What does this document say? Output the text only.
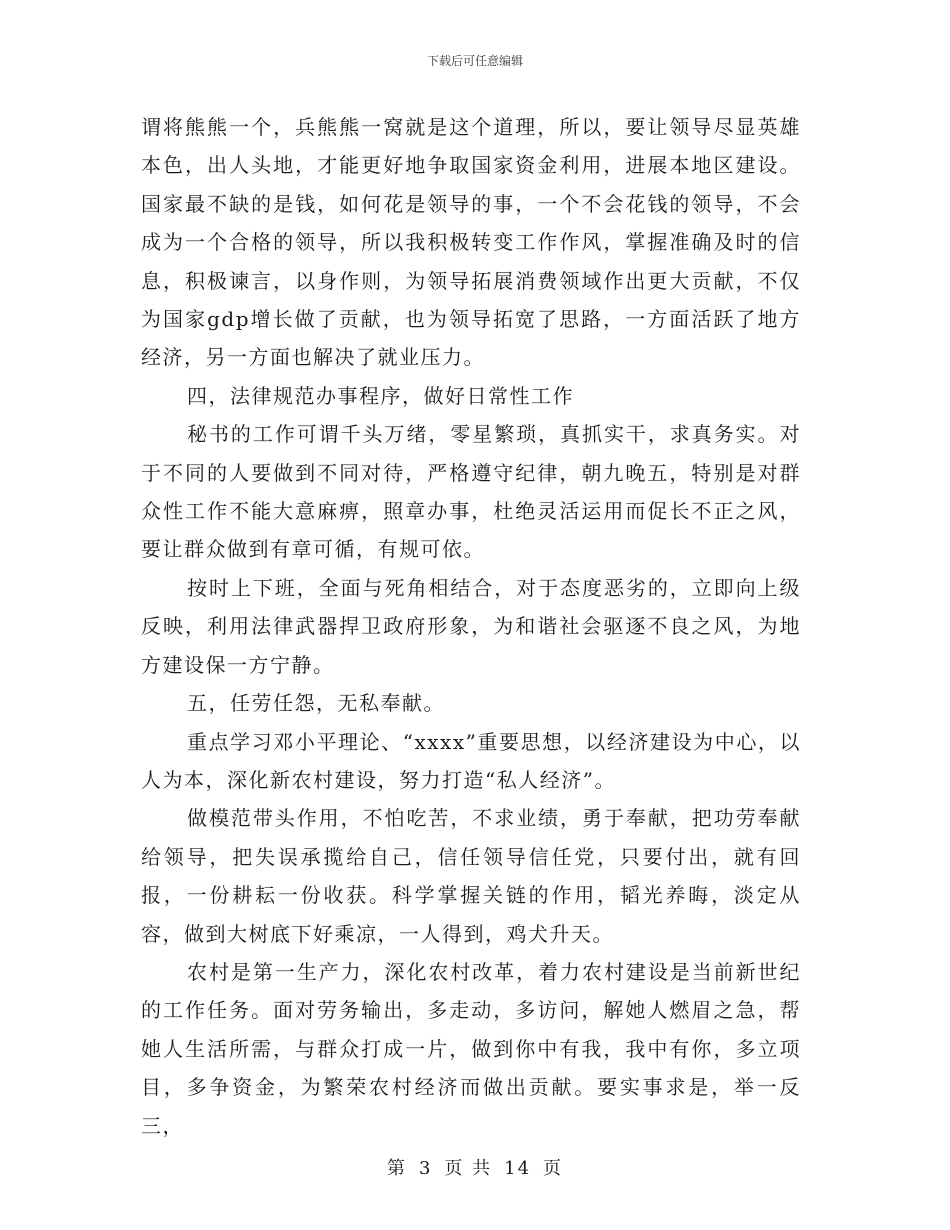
下载后可任意编辑

谓将熊熊一个，兵熊熊一窝就是这个道理，所以，要让领导尽显英雄本色，出人头地，才能更好地争取国家资金利用，进展本地区建设。国家最不缺的是钱，如何花是领导的事，一个不会花钱的领导，不会成为一个合格的领导，所以我积极转变工作作风，掌握准确及时的信息，积极谏言，以身作则，为领导拓展消费领域作出更大贡献，不仅为国家gdp增长做了贡献，也为领导拓宽了思路，一方面活跃了地方经济，另一方面也解决了就业压力。

四，法律规范办事程序，做好日常性工作

秘书的工作可谓千头万绪，零星繁琐，真抓实干，求真务实。对于不同的人要做到不同对待，严格遵守纪律，朝九晚五，特别是对群众性工作不能大意麻痹，照章办事，杜绝灵活运用而促长不正之风，要让群众做到有章可循，有规可依。

按时上下班，全面与死角相结合，对于态度恶劣的，立即向上级反映，利用法律武器捍卫政府形象，为和谐社会驱逐不良之风，为地方建设保一方宁静。

五，任劳任怨，无私奉献。

重点学习邓小平理论、“xxxx”重要思想，以经济建设为中心，以人为本，深化新农村建设，努力打造“私人经济”。

做模范带头作用，不怕吃苦，不求业绩，勇于奉献，把功劳奉献给领导，把失误承揽给自己，信任领导信任党，只要付出，就有回报，一份耕耘一份收获。科学掌握关链的作用，韬光养晦，淡定从容，做到大树底下好乘凉，一人得到，鸡犬升天。

农村是第一生产力，深化农村改革，着力农村建设是当前新世纪的工作任务。面对劳务输出，多走动，多访问，解她人燃眉之急，帮她人生活所需，与群众打成一片，做到你中有我，我中有你，多立项目，多争资金，为繁荣农村经济而做出贡献。要实事求是，举一反三，

第 3 页 共 14 页
